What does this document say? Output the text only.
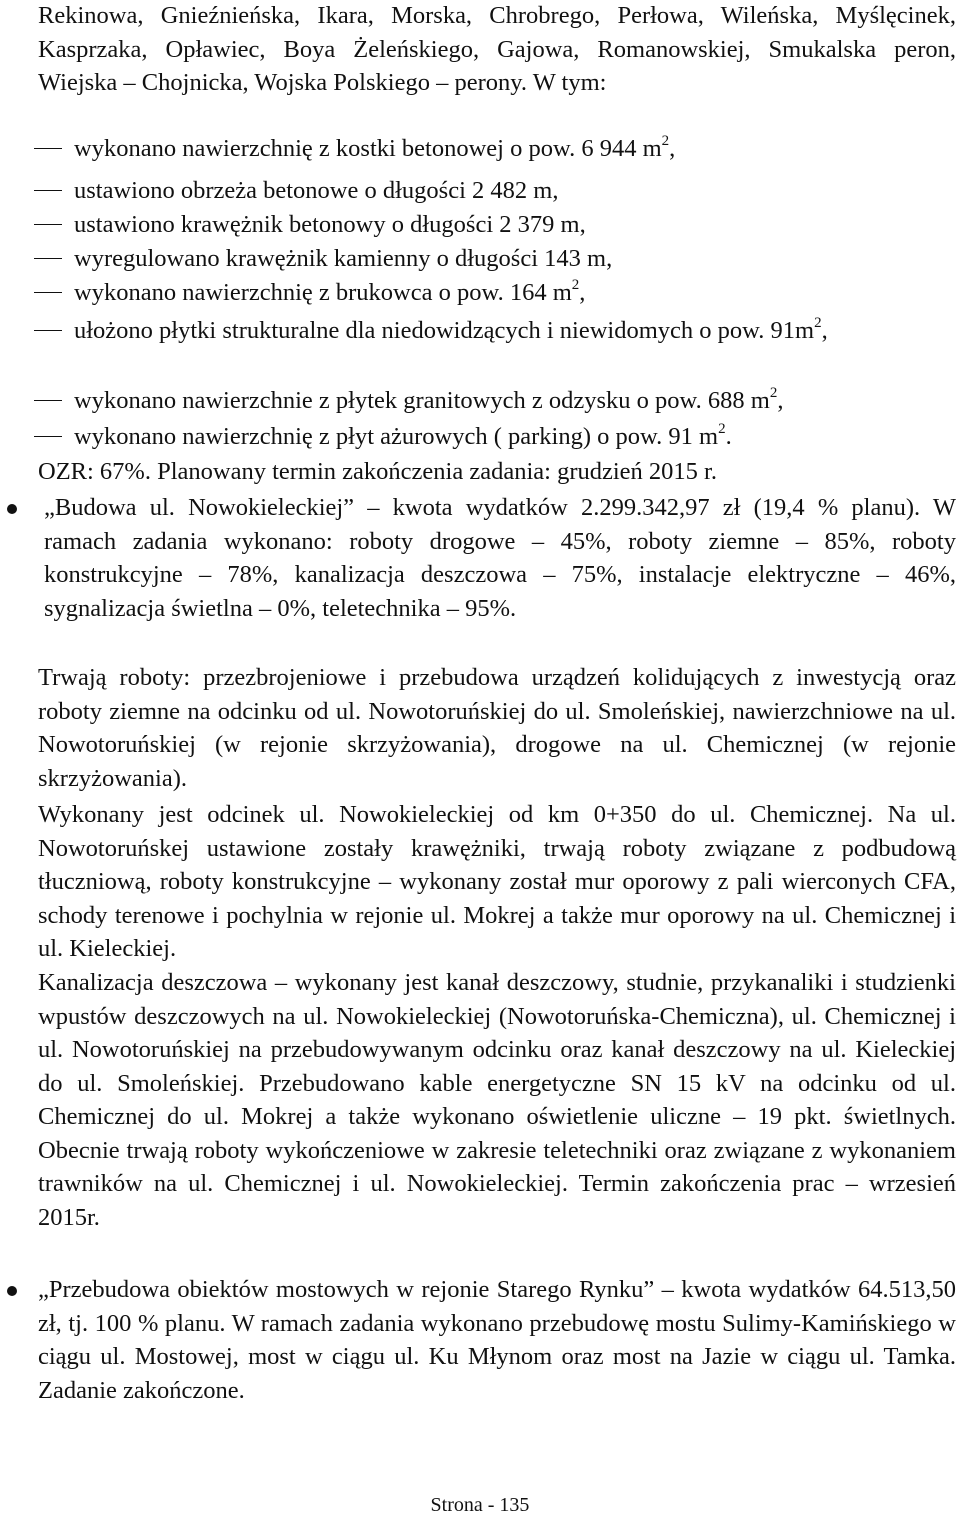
Rekinowa, Gnieźnieńska, Ikara, Morska, Chrobrego, Perłowa, Wileńska, Myślęcinek, Kasprzaka, Opławiec, Boya Żeleńskiego, Gajowa, Romanowskiej, Smukalska peron, Wiejska – Chojnicka, Wojska Polskiego – perony. W tym:

wykonano nawierzchnię z kostki betonowej o pow. 6 944 $m^2$,

ustawiono obrzeża betonowe o długości 2 482 m,

ustawiono krawężnik betonowy o długości 2 379 m,

wyregulowano krawężnik kamienny o długości 143 m,

wykonano nawierzchnię z brukowca o pow. 164 $m^2$,

ułożono płytki strukturalne dla niedowidzących i niewidomych o pow. $91m^2$,

wykonano nawierzchnie z płytek granitowych z odzysku o pow. 688 $m^2$,

wykonano nawierzchnię z płyt ażurowych ( parking) o pow. 91 $m^2$.

OZR: 67%. Planowany termin zakończenia zadania: grudzień 2015 r.

„Budowa ul. Nowokieleckiej” – kwota wydatków 2.299.342,97 zł (19,4 % planu). W ramach zadania wykonano: roboty drogowe – 45%, roboty ziemne – 85%, roboty konstrukcyjne – 78%, kanalizacja deszczowa – 75%, instalacje elektryczne – 46%, sygnalizacja świetlna – 0%, teletechnika – 95%.

Trwają roboty: przezbrojeniowe i przebudowa urządzeń kolidujących z inwestycją oraz roboty ziemne na odcinku od ul. Nowotoruńskiej do ul. Smoleńskiej, nawierzchniowe na ul. Nowotoruńskiej (w rejonie skrzyżowania), drogowe na ul. Chemicznej (w rejonie skrzyżowania).

Wykonany jest odcinek ul. Nowokieleckiej od km 0+350 do ul. Chemicznej. Na ul. Nowotoruńskej ustawione zostały krawężniki, trwają roboty związane z podbudową tłuczniową, roboty konstrukcyjne – wykonany został mur oporowy z pali wierconych CFA, schody terenowe i pochylnia w rejonie ul. Mokrej a także mur oporowy na ul. Chemicznej i ul. Kieleckiej.

Kanalizacja deszczowa – wykonany jest kanał deszczowy, studnie, przykanaliki i studzienki wpustów deszczowych na ul. Nowokieleckiej (Nowotoruńska-Chemiczna), ul. Chemicznej i ul. Nowotoruńskiej na przebudowywanym odcinku oraz kanał deszczowy na ul. Kieleckiej do ul. Smoleńskiej. Przebudowano kable energetyczne SN 15 kV na odcinku od ul. Chemicznej do ul. Mokrej a także wykonano oświetlenie uliczne – 19 pkt. świetlnych. Obecnie trwają roboty wykończeniowe w zakresie teletechniki oraz związane z wykonaniem trawników na ul. Chemicznej i ul. Nowokieleckiej. Termin zakończenia prac – wrzesień 2015r.

„Przebudowa obiektów mostowych w rejonie Starego Rynku” – kwota wydatków 64.513,50 zł, tj. 100 % planu. W ramach zadania wykonano przebudowę mostu Sulimy-Kamińskiego w ciągu ul. Mostowej, most w ciągu ul. Ku Młynom oraz most na Jazie w ciągu ul. Tamka. Zadanie zakończone.

Strona - 135
